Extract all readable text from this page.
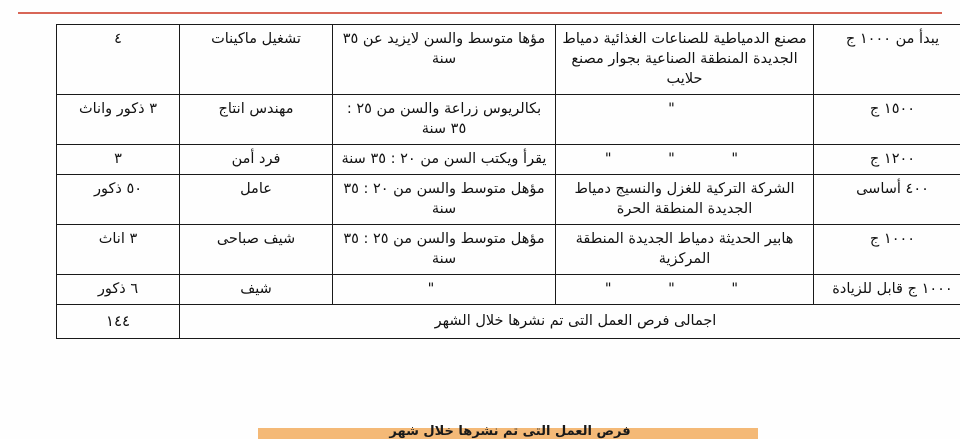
يبدأ من ١٠٠٠ ج	مصنع الدمياطية للصناعات الغذائية دمياط الجديدة المنطقة الصناعية بجوار مصنع حلايب	مؤها متوسط والسن لايزيد عن ٣٥ سنة	تشغيل ماكينات	٤
١٥٠٠ ج	"	بكالريوس زراعة والسن من ٢٥ : ٣٥ سنة	مهندس انتاج	٣ ذكور واناث
١٢٠٠ ج	" " "	يقرأ ويكتب السن من ٢٠ : ٣٥ سنة	فرد أمن	٣
٤٠٠ أساسى	الشركة التركية للغزل والنسيج دمياط الجديدة المنطقة الحرة	مؤهل متوسط والسن من ٢٠ : ٣٥ سنة	عامل	٥٠ ذكور
١٠٠٠ ج	هابير الحديثة دمياط الجديدة المنطقة المركزية	مؤهل متوسط والسن من ٢٥ : ٣٥ سنة	شيف صباحى	٣ اناث
١٠٠٠ ج قابل للزيادة	" " "	"	شيف	٦ ذكور
اجمالى فرص العمل التى تم نشرها خلال الشهر				١٤٤
فرص العمل التى تم نشرها خلال شهر
